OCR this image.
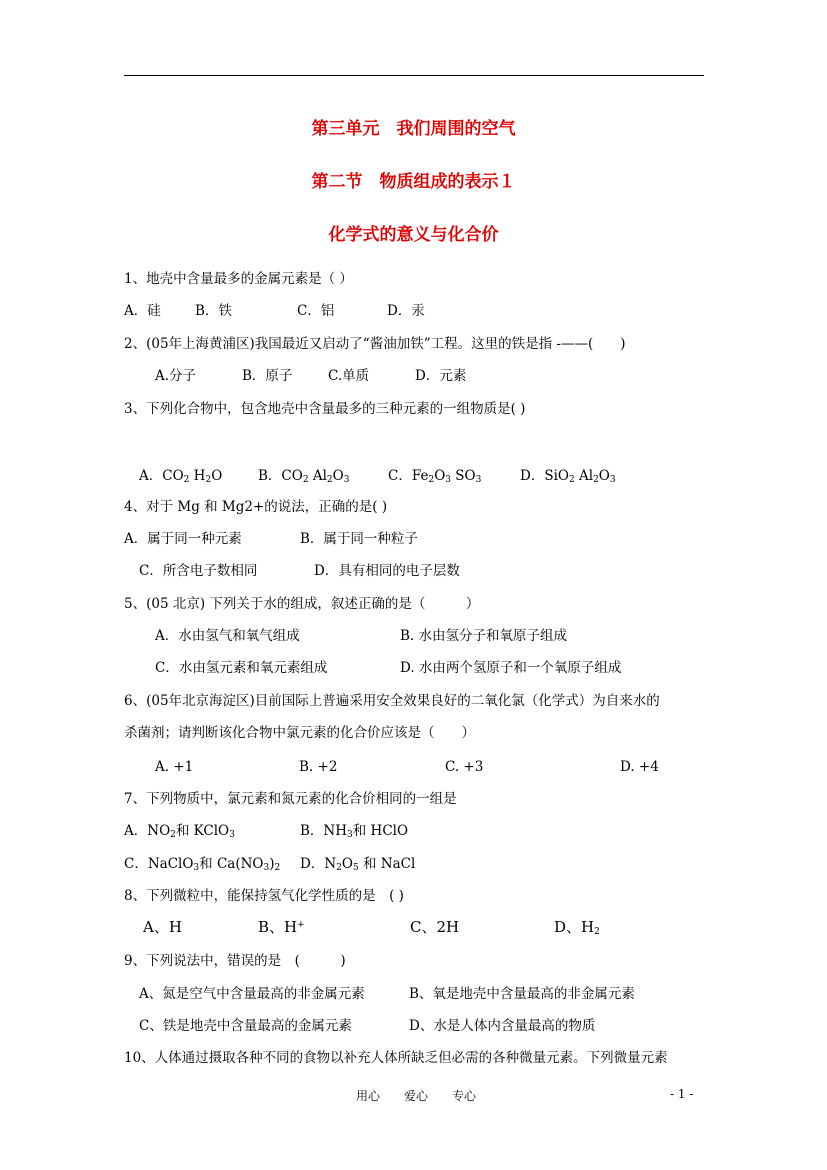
第三单元　我们周围的空气
第二节　物质组成的表示１
化学式的意义与化合价
1、地壳中含量最多的金属元素是（ ）
A．硅	B．铁	C．铝	D．汞
2、(05年上海黄浦区)我国最近又启动了“酱油加铁”工程。这里的铁是指 -——(　　)
A.分子	B．原子	C.单质	D．元素
3、下列化合物中，包含地壳中含量最多的三种元素的一组物质是( )
A．$CO_2$ $H_2O$	B．$CO_2$ $Al_2O_3$	C．$Fe_2O_3$ $SO_3$	D．SiO$_2$ $Al_2O_3$
4、对于 Mg 和 Mg2+的说法，正确的是( )
A．属于同一种元素	B．属于同一种粒子
C．所含电子数相同	D．具有相同的电子层数
5、(05 北京) 下列关于水的组成，叙述正确的是（　　　）
A．水由氢气和氧气组成	B. 水由氢分子和氧原子组成
C．水由氢元素和氧元素组成	D. 水由两个氢原子和一个氧原子组成
6、(05年北京海淀区)目前国际上普遍采用安全效果良好的二氧化氯（化学式）为自来水的
杀菌剂；请判断该化合物中氯元素的化合价应该是（　　）
A. +1	B. +2	C. +3	D. +4
7、下列物质中，氯元素和氮元素的化合价相同的一组是
A．$NO_2$和 KClO$_3$	B．$NH_3$和 HClO
C．NaClO$_3$和 $Ca(NO_3)_2$ D．$N_2O_5$ 和 NaCl
8、下列微粒中，能保持氢气化学性质的是　( )
A、H	B、H+	C、2H	D、$H_2$
9、下列说法中，错误的是　(　　　)
A、氮是空气中含量最高的非金属元素	B、氧是地壳中含量最高的非金属元素
C、铁是地壳中含量最高的金属元素	D、水是人体内含量最高的物质
10、人体通过摄取各种不同的食物以补充人体所缺乏但必需的各种微量元素。下列微量元素
用心　　爱心　　专心	- 1 -
